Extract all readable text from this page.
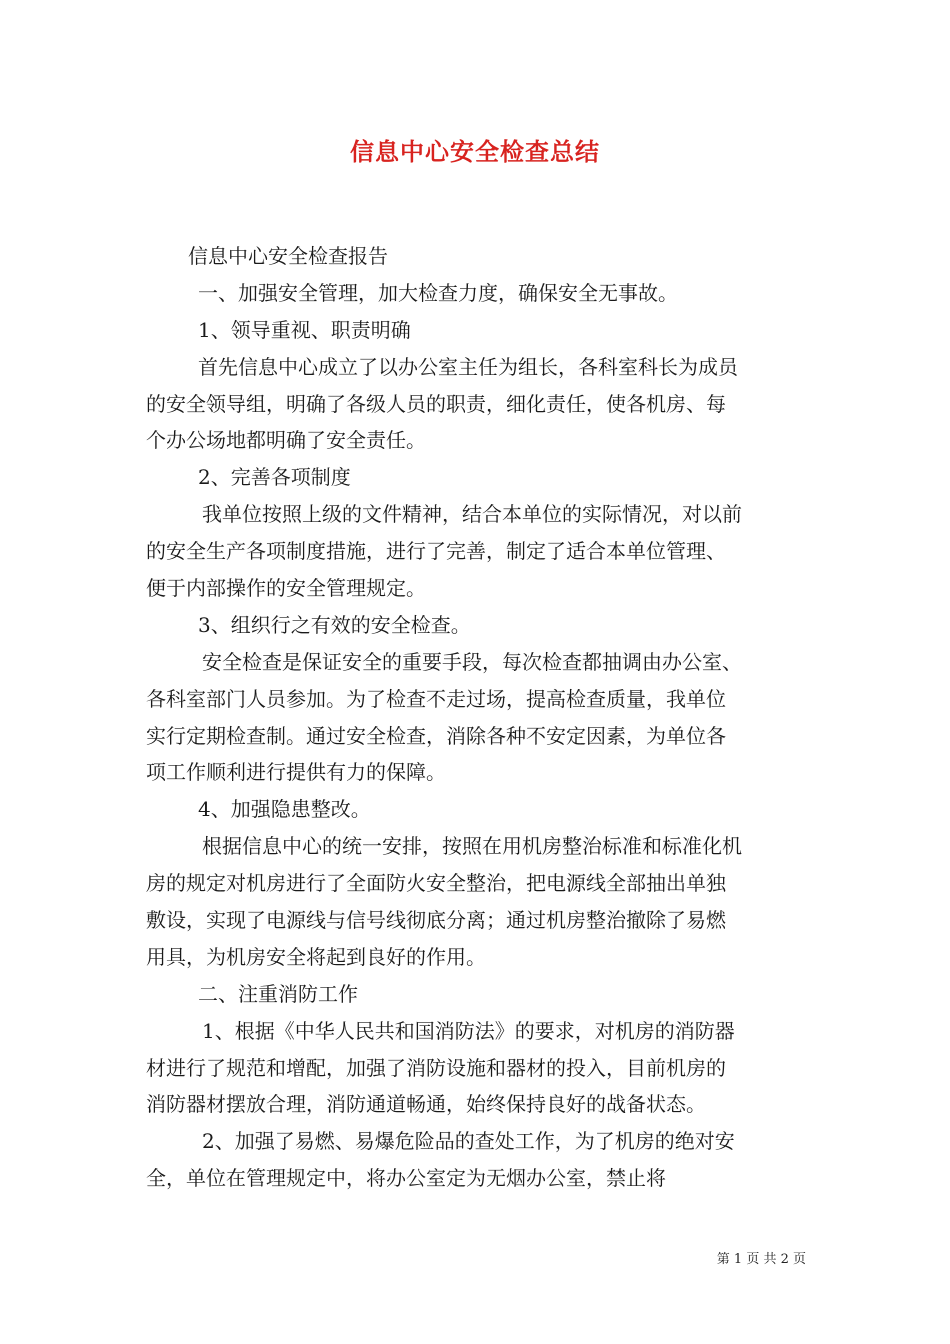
信息中心安全检查总结
信息中心安全检查报告
一、加强安全管理，加大检查力度，确保安全无事故。
1、领导重视、职责明确
首先信息中心成立了以办公室主任为组长，各科室科长为成员
的安全领导组，明确了各级人员的职责，细化责任，使各机房、每
个办公场地都明确了安全责任。
2、完善各项制度
我单位按照上级的文件精神，结合本单位的实际情况，对以前
的安全生产各项制度措施，进行了完善，制定了适合本单位管理、
便于内部操作的安全管理规定。
3、组织行之有效的安全检查。
安全检查是保证安全的重要手段，每次检查都抽调由办公室、
各科室部门人员参加。为了检查不走过场，提高检查质量，我单位
实行定期检查制。通过安全检查，消除各种不安定因素，为单位各
项工作顺利进行提供有力的保障。
4、加强隐患整改。
根据信息中心的统一安排，按照在用机房整治标准和标准化机
房的规定对机房进行了全面防火安全整治，把电源线全部抽出单独
敷设，实现了电源线与信号线彻底分离；通过机房整治撤除了易燃
用具，为机房安全将起到良好的作用。
二、注重消防工作
1、根据《中华人民共和国消防法》的要求，对机房的消防器
材进行了规范和增配，加强了消防设施和器材的投入，目前机房的
消防器材摆放合理，消防通道畅通，始终保持良好的战备状态。
2、加强了易燃、易爆危险品的查处工作，为了机房的绝对安
全，单位在管理规定中，将办公室定为无烟办公室，禁止将
第 1 页 共 2 页
